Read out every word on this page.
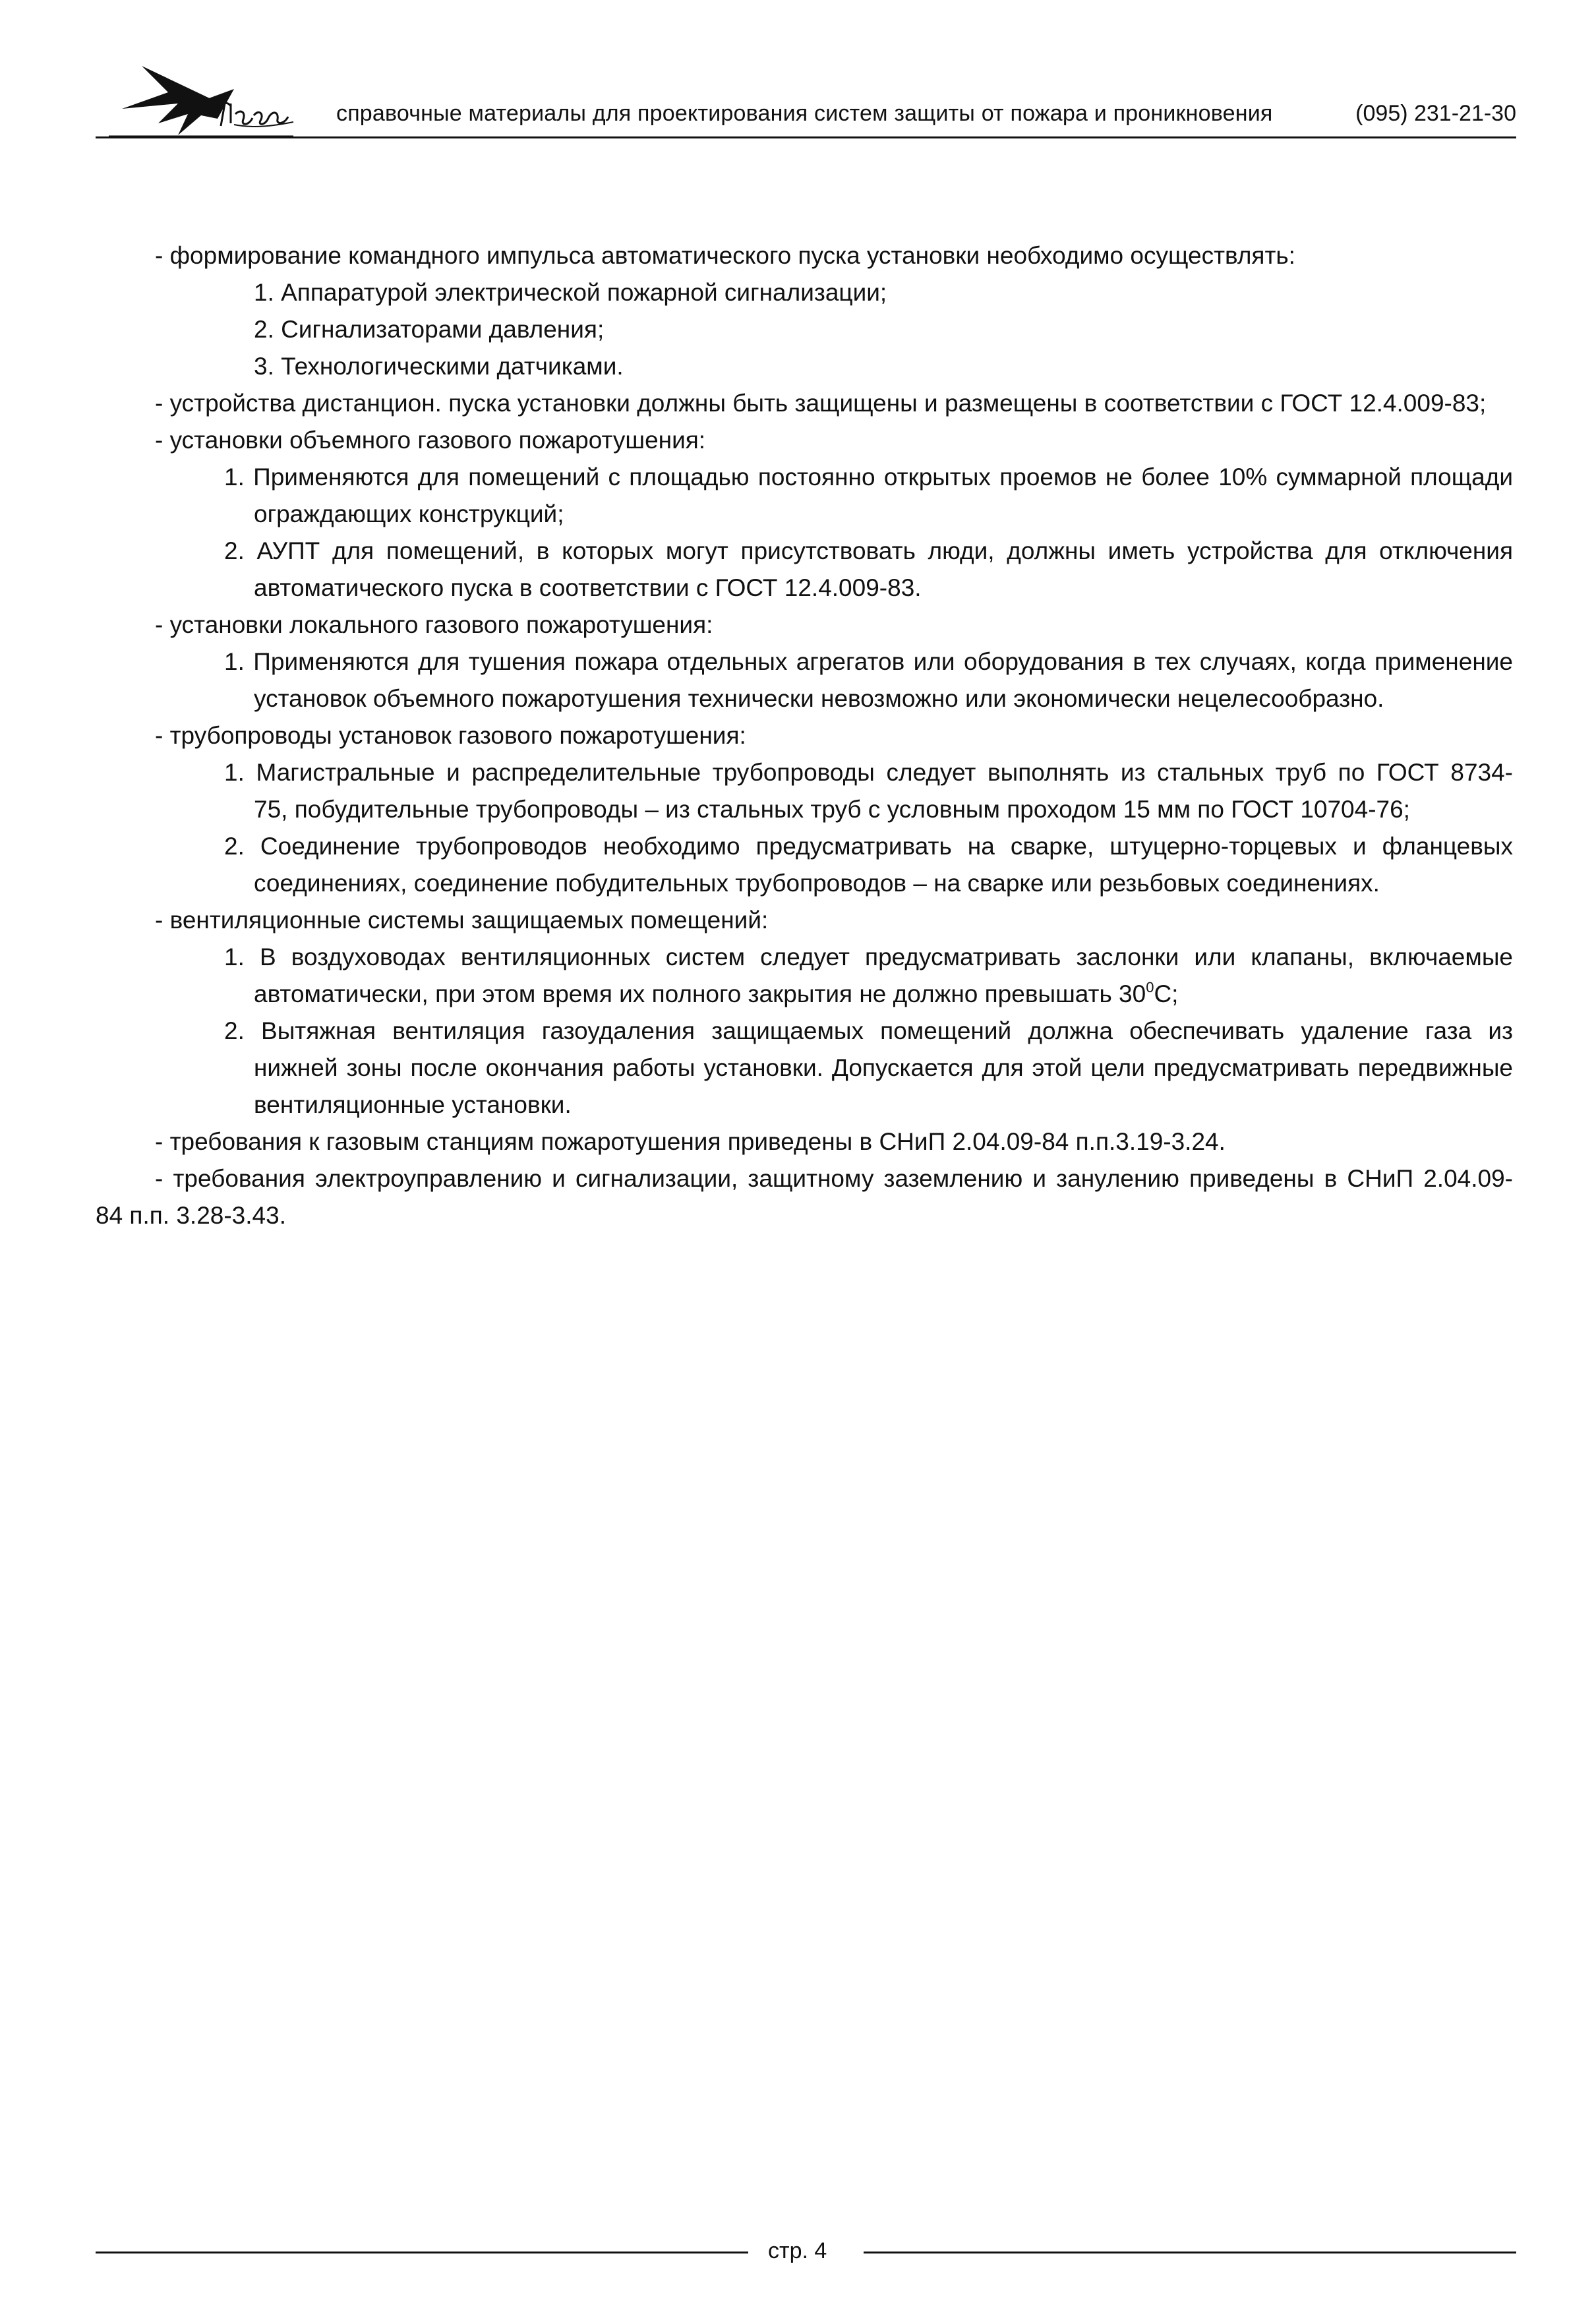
справочные материалы для проектирования систем защиты от пожара и проникновения	(095) 231-21-30
- формирование командного импульса автоматического пуска установки необходимо осуществлять:
1. Аппаратурой электрической пожарной сигнализации;
2. Сигнализаторами давления;
3. Технологическими датчиками.
- устройства дистанцион. пуска установки должны быть защищены и размещены в соответствии с ГОСТ 12.4.009-83;
- установки объемного газового пожаротушения:
1. Применяются для помещений с площадью постоянно открытых проемов не более 10% суммарной площади
ограждающих конструкций;
2. АУПТ для помещений, в которых могут присутствовать люди, должны иметь устройства для отключения
автоматического пуска в соответствии с ГОСТ 12.4.009-83.
- установки локального газового пожаротушения:
1. Применяются для тушения пожара отдельных агрегатов или оборудования в тех случаях, когда применение
установок объемного пожаротушения технически невозможно или экономически нецелесообразно.
- трубопроводы установок газового пожаротушения:
1. Магистральные и распределительные трубопроводы следует выполнять из стальных труб по ГОСТ 8734-
75, побудительные трубопроводы – из стальных труб с условным проходом 15 мм по ГОСТ 10704-76;
2. Соединение трубопроводов необходимо предусматривать на сварке, штуцерно-торцевых и фланцевых
соединениях, соединение побудительных трубопроводов – на сварке или резьбовых соединениях.
- вентиляционные системы защищаемых помещений:
1. В воздуховодах вентиляционных систем следует предусматривать заслонки или клапаны, включаемые
автоматически, при этом время их полного закрытия не должно превышать $30^0С$;
2. Вытяжная вентиляция газоудаления защищаемых помещений должна обеспечивать удаление газа из
нижней зоны после окончания работы установки. Допускается для этой цели предусматривать передвижные
вентиляционные установки.
- требования к газовым станциям пожаротушения приведены в СНиП 2.04.09-84 п.п.3.19-3.24.
- требования электроуправлению и сигнализации, защитному заземлению и занулению приведены в СНиП 2.04.09-
84 п.п. 3.28-3.43.
стр. 4
